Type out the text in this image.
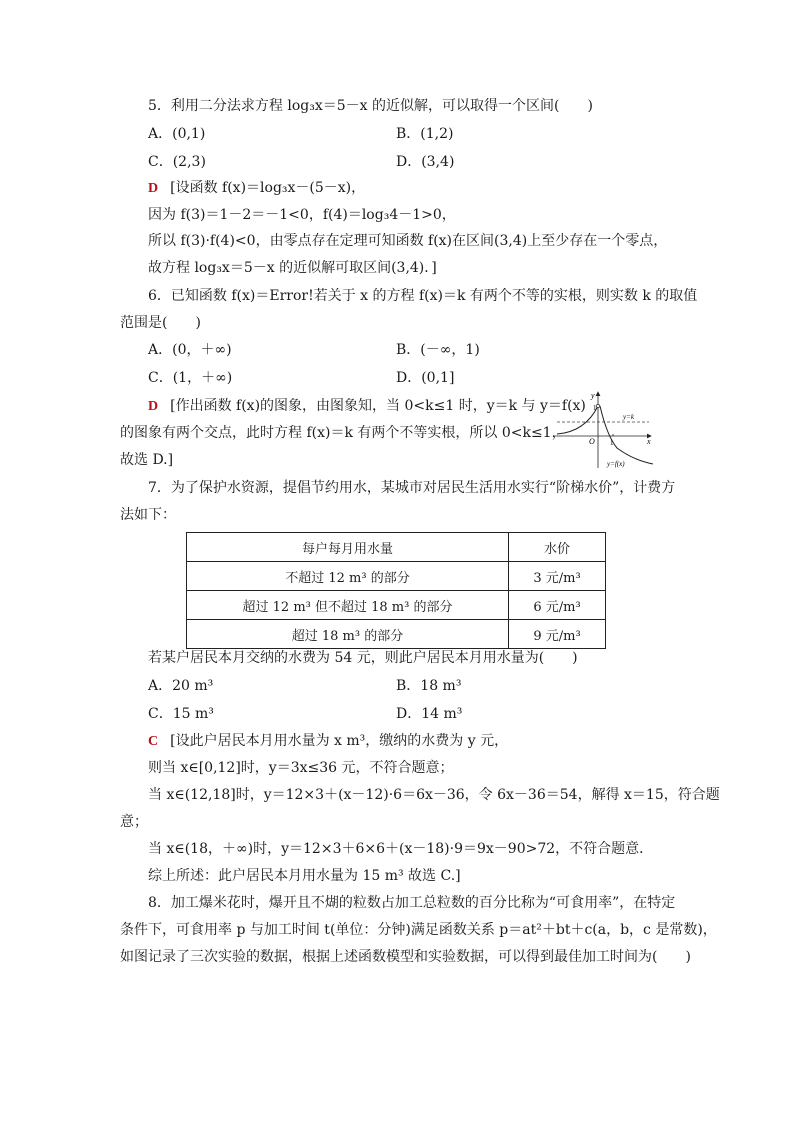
5．利用二分法求方程 log₃x＝5－x 的近似解，可以取得一个区间(　　)
A．(0,1)	B．(1,2)
C．(2,3)	D．(3,4)
D [设函数 f(x)＝log₃x－(5－x)，
因为 f(3)＝1－2＝－1<0，f(4)＝log₃4－1>0，
所以 f(3)·f(4)<0，由零点存在定理可知函数 f(x)在区间(3,4)上至少存在一个零点，
故方程 log₃x＝5－x 的近似解可取区间(3,4)．]
6．已知函数 f(x)＝Error!若关于 x 的方程 f(x)＝k 有两个不等的实根，则实数 k 的取值
范围是(　　)
A．(0，＋∞)	B．(－∞，1)
C．(1，＋∞)	D．(0,1]
D [作出函数 f(x)的图象，由图象知，当 0<k≤1 时，y＝k 与 y＝f(x)
的图象有两个交点，此时方程 f(x)＝k 有两个不等实根，所以 0<k≤1，
故选 D.]
y
x
O 1
1
y=k
y=f(x)
7．为了保护水资源，提倡节约用水，某城市对居民生活用水实行“阶梯水价”，计费方
法如下：
每户每月用水量	水价
不超过 12 m³ 的部分	3 元/m³
超过 12 m³ 但不超过 18 m³ 的部分	6 元/m³
超过 18 m³ 的部分	9 元/m³
若某户居民本月交纳的水费为 54 元，则此户居民本月用水量为(　　)
A．20 m³	B．18 m³
C．15 m³	D．14 m³
C [设此户居民本月用水量为 x m³，缴纳的水费为 y 元，
则当 x∈[0,12]时，y＝3x≤36 元，不符合题意；
当 x∈(12,18]时，y＝12×3＋(x－12)·6＝6x－36，令 6x－36＝54，解得 x＝15，符合题
意；
当 x∈(18，＋∞)时，y＝12×3＋6×6＋(x－18)·9＝9x－90>72，不符合题意．
综上所述：此户居民本月用水量为 15 m³ 故选 C.]
8．加工爆米花时，爆开且不煳的粒数占加工总粒数的百分比称为“可食用率”，在特定
条件下，可食用率 p 与加工时间 t(单位：分钟)满足函数关系 p＝at²＋bt＋c(a，b，c 是常数)，
如图记录了三次实验的数据，根据上述函数模型和实验数据，可以得到最佳加工时间为(　　)
